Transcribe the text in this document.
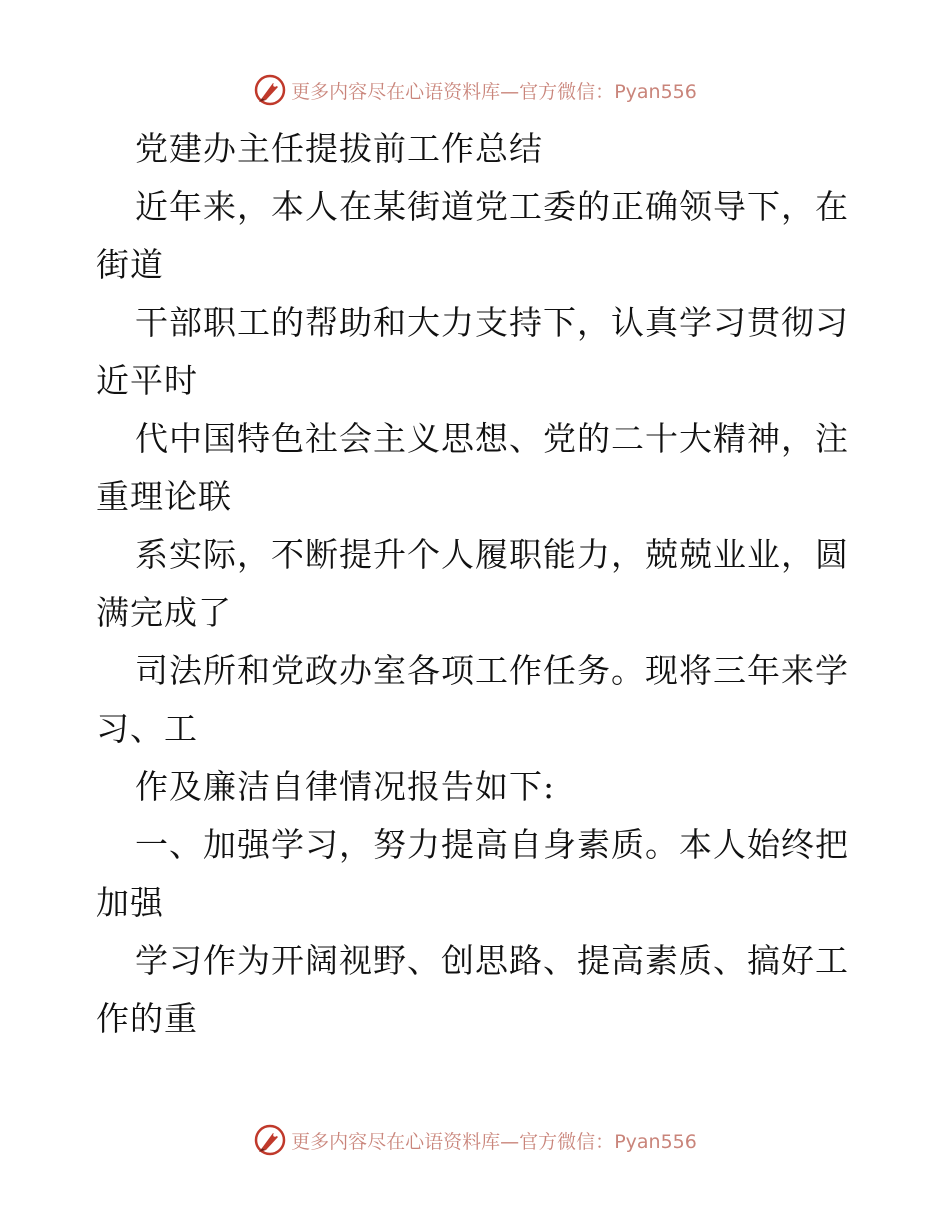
更多内容尽在心语资料库—官方微信：Pyan556
党建办主任提拔前工作总结
近年来，本人在某街道党工委的正确领导下，在
街道
干部职工的帮助和大力支持下，认真学习贯彻习
近平时
代中国特色社会主义思想、党的二十大精神，注
重理论联
系实际，不断提升个人履职能力，兢兢业业，圆
满完成了
司法所和党政办室各项工作任务。现将三年来学
习、工
作及廉洁自律情况报告如下:
一、加强学习，努力提高自身素质。本人始终把
加强
学习作为开阔视野、创思路、提高素质、搞好工
作的重
更多内容尽在心语资料库—官方微信：Pyan556
